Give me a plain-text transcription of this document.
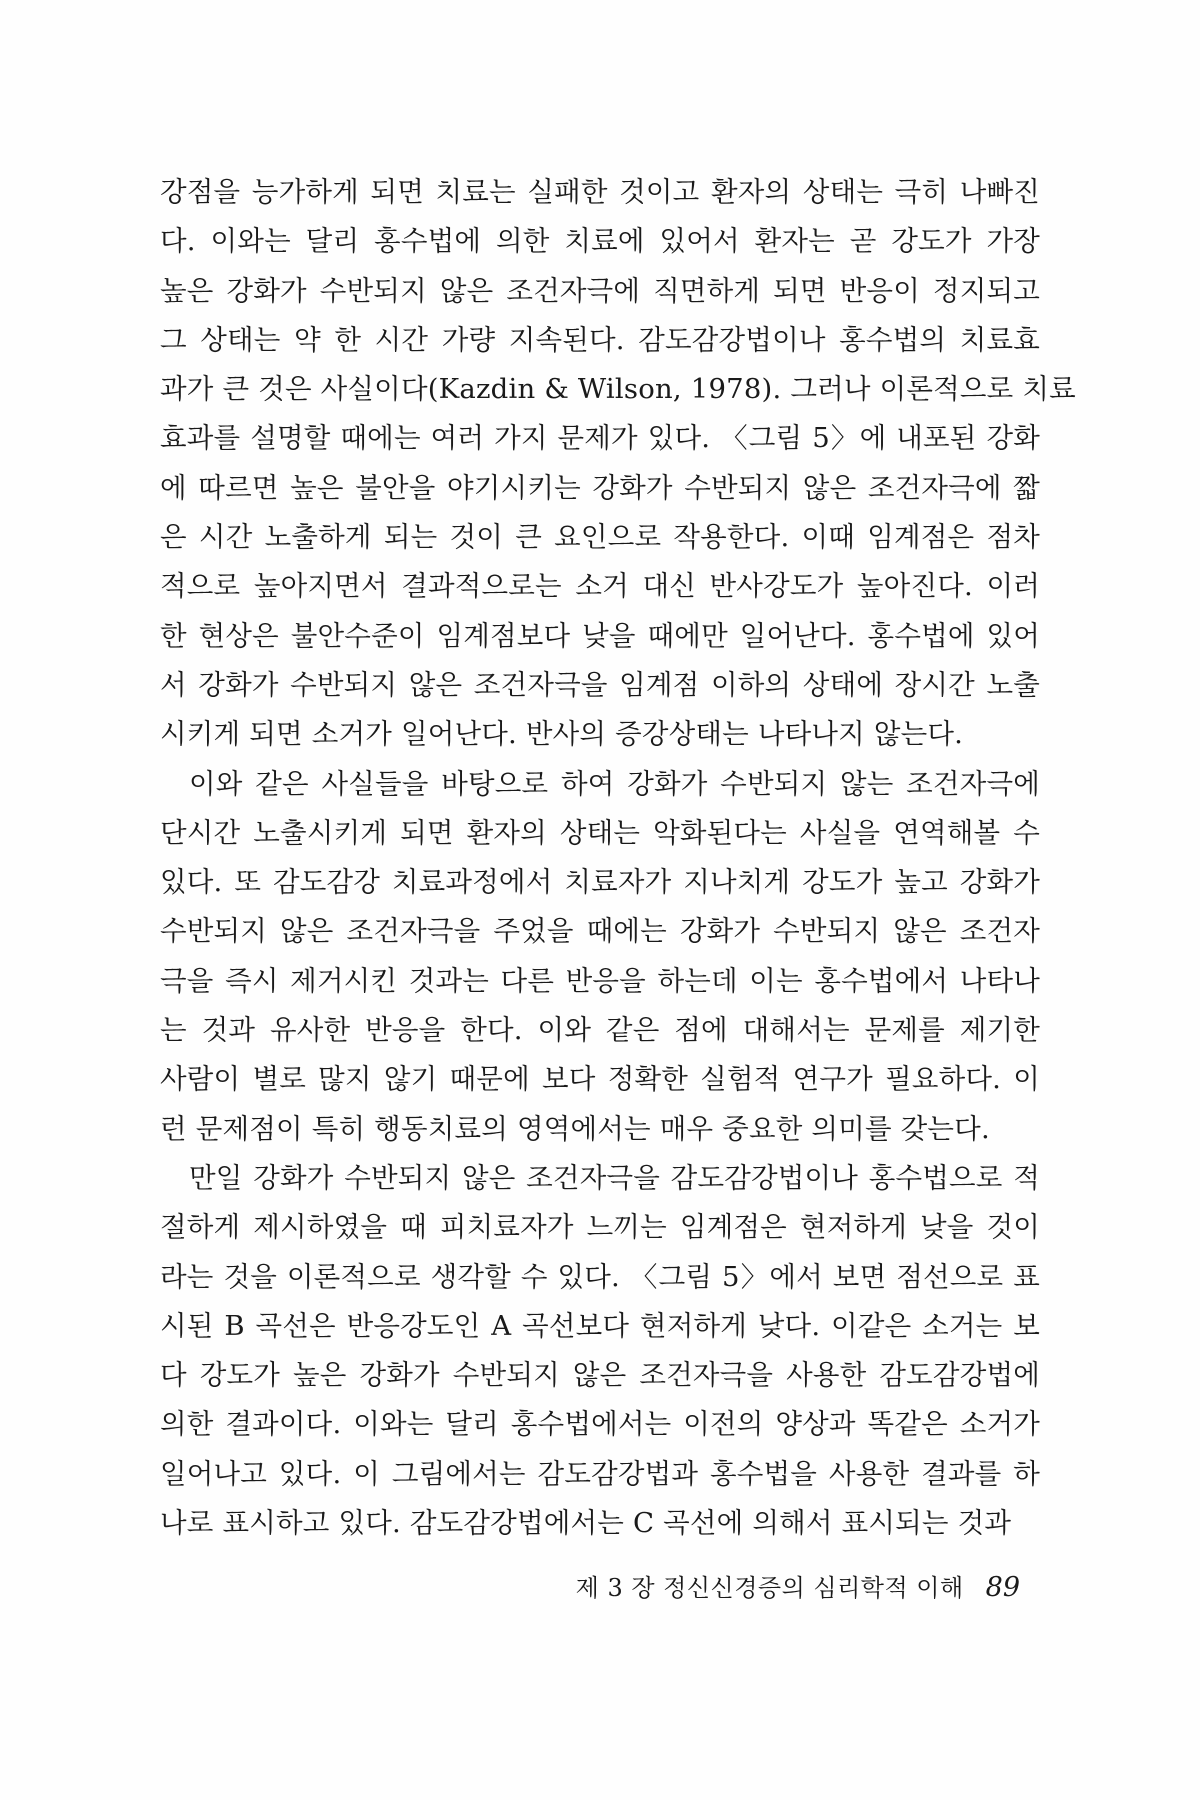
강점을 능가하게 되면 치료는 실패한 것이고 환자의 상태는 극히 나빠진
다. 이와는 달리 홍수법에 의한 치료에 있어서 환자는 곧 강도가 가장
높은 강화가 수반되지 않은 조건자극에 직면하게 되면 반응이 정지되고
그 상태는 약 한 시간 가량 지속된다. 감도감강법이나 홍수법의 치료효
과가 큰 것은 사실이다(Kazdin & Wilson, 1978). 그러나 이론적으로 치료
효과를 설명할 때에는 여러 가지 문제가 있다. 〈그림 5〉에 내포된 강화
에 따르면 높은 불안을 야기시키는 강화가 수반되지 않은 조건자극에 짧
은 시간 노출하게 되는 것이 큰 요인으로 작용한다. 이때 임계점은 점차
적으로 높아지면서 결과적으로는 소거 대신 반사강도가 높아진다. 이러
한 현상은 불안수준이 임계점보다 낮을 때에만 일어난다. 홍수법에 있어
서 강화가 수반되지 않은 조건자극을 임계점 이하의 상태에 장시간 노출
시키게 되면 소거가 일어난다. 반사의 증강상태는 나타나지 않는다.
이와 같은 사실들을 바탕으로 하여 강화가 수반되지 않는 조건자극에
단시간 노출시키게 되면 환자의 상태는 악화된다는 사실을 연역해볼 수
있다. 또 감도감강 치료과정에서 치료자가 지나치게 강도가 높고 강화가
수반되지 않은 조건자극을 주었을 때에는 강화가 수반되지 않은 조건자
극을 즉시 제거시킨 것과는 다른 반응을 하는데 이는 홍수법에서 나타나
는 것과 유사한 반응을 한다. 이와 같은 점에 대해서는 문제를 제기한
사람이 별로 많지 않기 때문에 보다 정확한 실험적 연구가 필요하다. 이
런 문제점이 특히 행동치료의 영역에서는 매우 중요한 의미를 갖는다.
만일 강화가 수반되지 않은 조건자극을 감도감강법이나 홍수법으로 적
절하게 제시하였을 때 피치료자가 느끼는 임계점은 현저하게 낮을 것이
라는 것을 이론적으로 생각할 수 있다. 〈그림 5〉에서 보면 점선으로 표
시된 B 곡선은 반응강도인 A 곡선보다 현저하게 낮다. 이같은 소거는 보
다 강도가 높은 강화가 수반되지 않은 조건자극을 사용한 감도감강법에
의한 결과이다. 이와는 달리 홍수법에서는 이전의 양상과 똑같은 소거가
일어나고 있다. 이 그림에서는 감도감강법과 홍수법을 사용한 결과를 하
나로 표시하고 있다. 감도감강법에서는 C 곡선에 의해서 표시되는 것과
제 3 장 정신신경증의 심리학적 이해 89
